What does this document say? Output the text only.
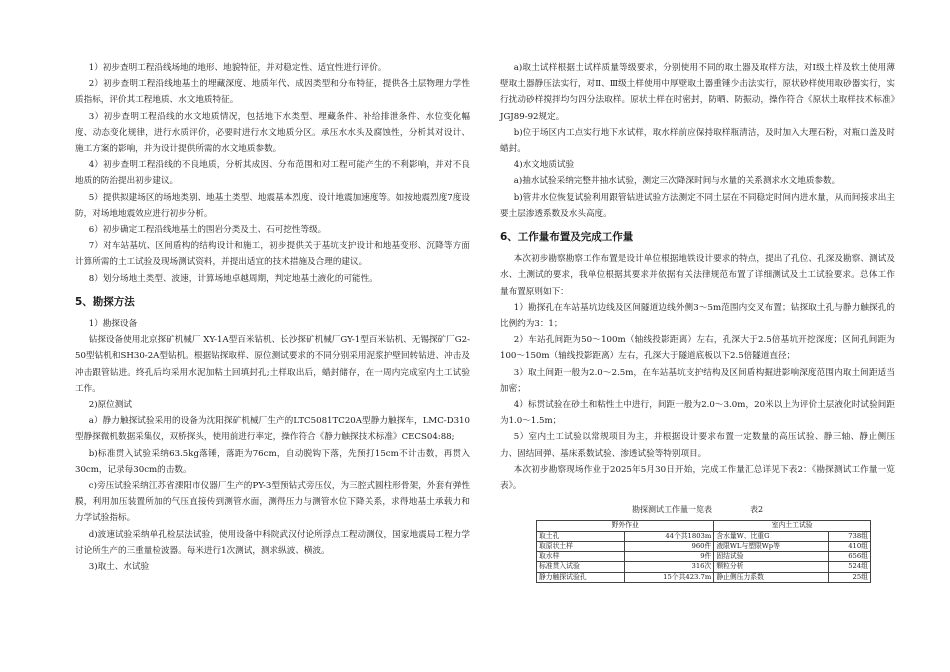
1）初步查明工程沿线场地的地形、地貌特征，并对稳定性、适宜性进行评价。

2）初步查明工程沿线地基土的埋藏深度、地质年代、成因类型和分布特征，提供各土层物理力学性质指标，评价其工程地质、水文地质特征。

3）初步查明工程沿线的水文地质情况，包括地下水类型、埋藏条件、补给排泄条件、水位变化幅度、动态变化规律，进行水质评价，必要时进行水文地质分区。承压水水头及腐蚀性，分析其对设计、施工方案的影响，并为设计提供所需的水文地质参数。

4）初步查明工程沿线的不良地质，分析其成因、分布范围和对工程可能产生的不利影响，并对不良地质的防治提出初步建议。

5）提供拟建场区的场地类别、地基土类型、地震基本烈度、设计地震加速度等。如按地震烈度7度设防，对场地地震效应进行初步分析。

6）初步确定工程沿线地基土的围岩分类及土、石可挖性等级。

7）对车站基坑、区间盾构的结构设计和施工，初步提供关于基坑支护设计和地基变形、沉降等方面计算所需的土工试验及现场测试资料，并提出适宜的技术措施及合理的建议。

8）划分场地土类型、波速，计算场地卓越周期，判定地基土液化的可能性。

5、勘探方法

1）勘探设备

钻探设备使用北京探矿机械厂 XY-1A型百米钻机、长沙探矿机械厂GY-1型百米钻机、无锡探矿厂G2-50型钻机和SH30-2A型钻机。根据钻探取样、原位测试要求的不同分别采用泥浆护壁回转钻进、冲击及冲击跟管钻进。终孔后均采用水泥加粘土回填封孔;土样取出后，蜡封储存，在一周内完成室内土工试验工作。

2)原位测试

a）静力触探试验采用的设备为沈阳探矿机械厂生产的LTC5081TC20A型静力触探车，LMC-D310型静探微机数据采集仪，双桥探头，使用前进行率定，操作符合《静力触探技术标准》CECS04:88;

b)标准贯入试验采纳63.5kg落锤，落距为76cm，自动脱钩下落，先预打15cm不计击数，再贯入30cm，记录每30cm的击数。

c)旁压试验采纳江苏省溧阳市仪器厂生产的PY-3型预钻式旁压仪，为三腔式圆柱形骨架，外套有弹性膜，利用加压装置所加的气压直接传到测管水面，测得压力与测管水位下降关系，求得地基土承载力和力学试验指标。

d)波速试验采纳单孔检层法试验，使用设备中科院武汉付论所浮点工程动测仪，国家地震局工程力学讨论所生产的三重量检波器。每米进行1次测试，测求纵波、横波。

3)取土、水试验

a)取土试样根据土试样质量等级要求，分别使用不同的取土器及取样方法，对Ⅰ级土样及软土使用薄壁取土器静压法实行，对Ⅱ、Ⅲ级土样使用中厚壁取土器重锤少击法实行，原状砂样使用取砂器实行，实行扰动砂样搅拌均匀四分法取样。原状土样在时密封，防晒、防振动，操作符合《原状土取样技术标准》JGJ89-92规定。

b)位于场区内工点实行地下水试样，取水样前应保持取样瓶清洁，及时加入大理石粉，对瓶口盖及时蜡封。

4)水文地质试验

a)抽水试验采纳完整井抽水试验，测定三次降深时间与水量的关系测求水文地质参数。

b)管井水位恢复试验利用跟管钻进试验方法测定不同土层在不同稳定时间内进水量，从而间接求出主要土层渗透系数及水头高度。

6、工作量布置及完成工作量

本次初步勘察勘察工作布置是设计单位根据地铁设计要求的特点，提出了孔位、孔深及勘察、测试及水、土测试的要求，我单位根据其要求并依据有关法律规范布置了详细测试及土工试验要求。总体工作量布置原则如下：

1）勘探孔在车站基坑边线及区间隧道边线外侧3～5m范围内交叉布置；钻探取土孔与静力触探孔的比例约为3：1；

2）车站孔间距为50～100m（轴线投影距离）左右，孔深大于2.5倍基坑开挖深度；区间孔间距为100～150m（轴线投影距离）左右，孔深大于隧道底板以下2.5倍隧道直径；

3）取土间距一般为2.0～2.5m，在车站基坑支护结构及区间盾构掘进影响深度范围内取土间距适当加密；

4）标贯试验在砂土和粘性土中进行，间距一般为2.0～3.0m，20米以上为评价土层液化时试验间距为1.0～1.5m；

5）室内土工试验以常规项目为主，并根据设计要求布置一定数量的高压试验、静三轴、静止侧压力、固结回弹、基床系数试验、渗透试验等特别项目。

本次初步勘察现场作业于2025年5月30日开始，完成工作量汇总详见下表2：《勘探测试工作量一览表》。

勘探测试工作量一览表	表2
野外作业		室内土工试验	
取土孔	44个共1803m	含水量W、比重G	738组
取原状土样	960件	液限WL与塑限Wp等	410组
取水样	9件	固结试验	656组
标准贯入试验	316次	颗粒分析	524组
静力触探试验孔	15个共423.7m	静止侧压力系数	25组
